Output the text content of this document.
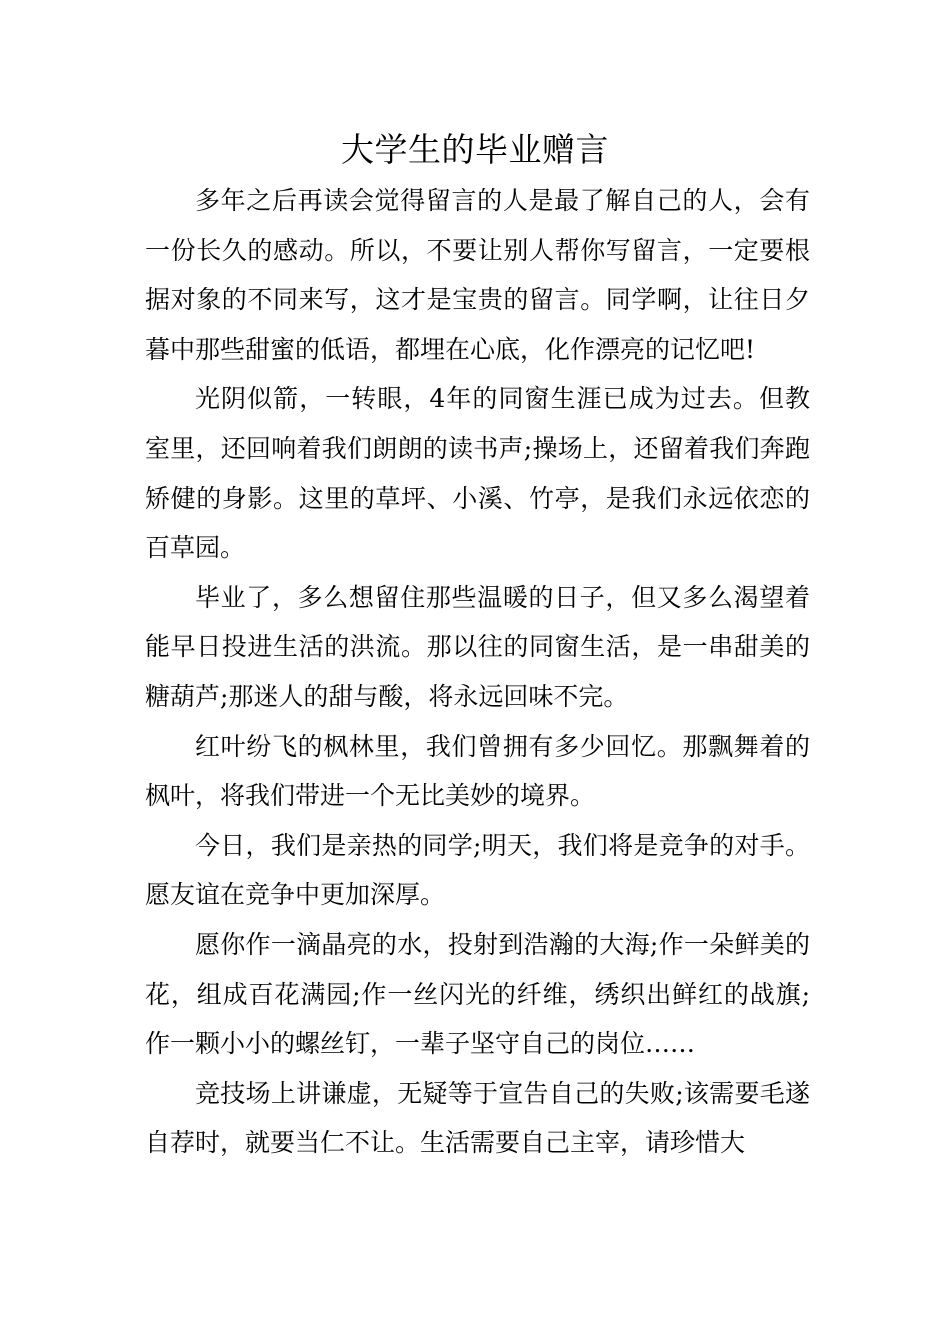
大学生的毕业赠言

多年之后再读会觉得留言的人是最了解自己的人，会有一份长久的感动。所以，不要让别人帮你写留言，一定要根据对象的不同来写，这才是宝贵的留言。同学啊，让往日夕暮中那些甜蜜的低语，都埋在心底，化作漂亮的记忆吧!

光阴似箭，一转眼，4年的同窗生涯已成为过去。但教室里，还回响着我们朗朗的读书声;操场上，还留着我们奔跑矫健的身影。这里的草坪、小溪、竹亭，是我们永远依恋的百草园。

毕业了，多么想留住那些温暖的日子，但又多么渴望着能早日投进生活的洪流。那以往的同窗生活，是一串甜美的糖葫芦;那迷人的甜与酸，将永远回味不完。

红叶纷飞的枫林里，我们曾拥有多少回忆。那飘舞着的枫叶，将我们带进一个无比美妙的境界。

今日，我们是亲热的同学;明天，我们将是竞争的对手。愿友谊在竞争中更加深厚。

愿你作一滴晶亮的水，投射到浩瀚的大海;作一朵鲜美的花，组成百花满园;作一丝闪光的纤维，绣织出鲜红的战旗;作一颗小小的螺丝钉，一辈子坚守自己的岗位……

竞技场上讲谦虚，无疑等于宣告自己的失败;该需要毛遂自荐时，就要当仁不让。生活需要自己主宰，请珍惜大
